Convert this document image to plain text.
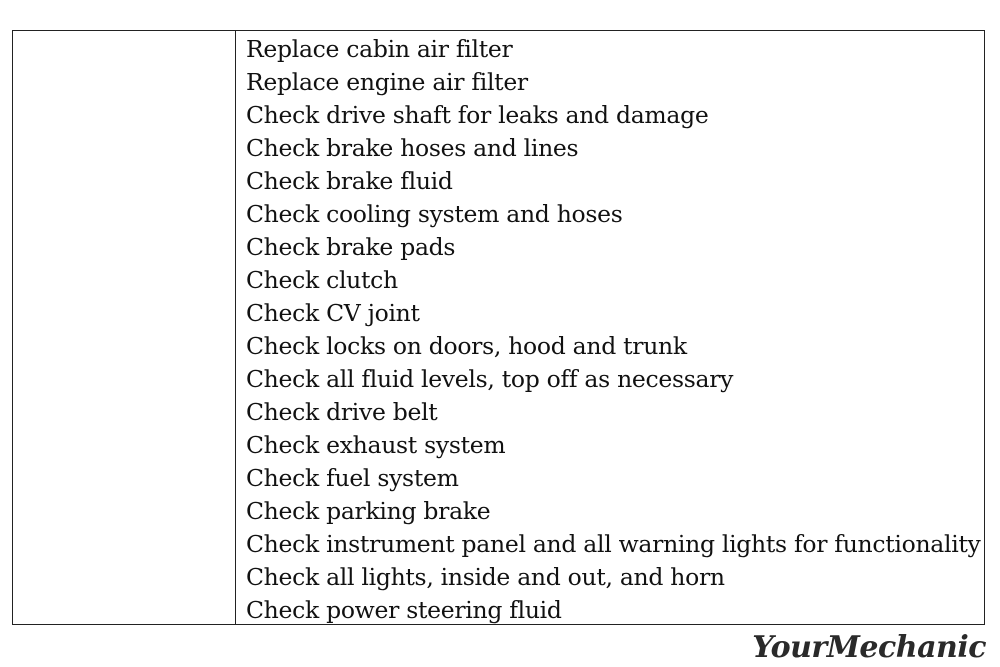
Replace cabin air filter
Replace engine air filter
Check drive shaft for leaks and damage
Check brake hoses and lines
Check brake fluid
Check cooling system and hoses
Check brake pads
Check clutch
Check CV joint
Check locks on doors, hood and trunk
Check all fluid levels, top off as necessary
Check drive belt
Check exhaust system
Check fuel system
Check parking brake
Check instrument panel and all warning lights for functionality
Check all lights, inside and out, and horn
Check power steering fluid
YourMechanic
